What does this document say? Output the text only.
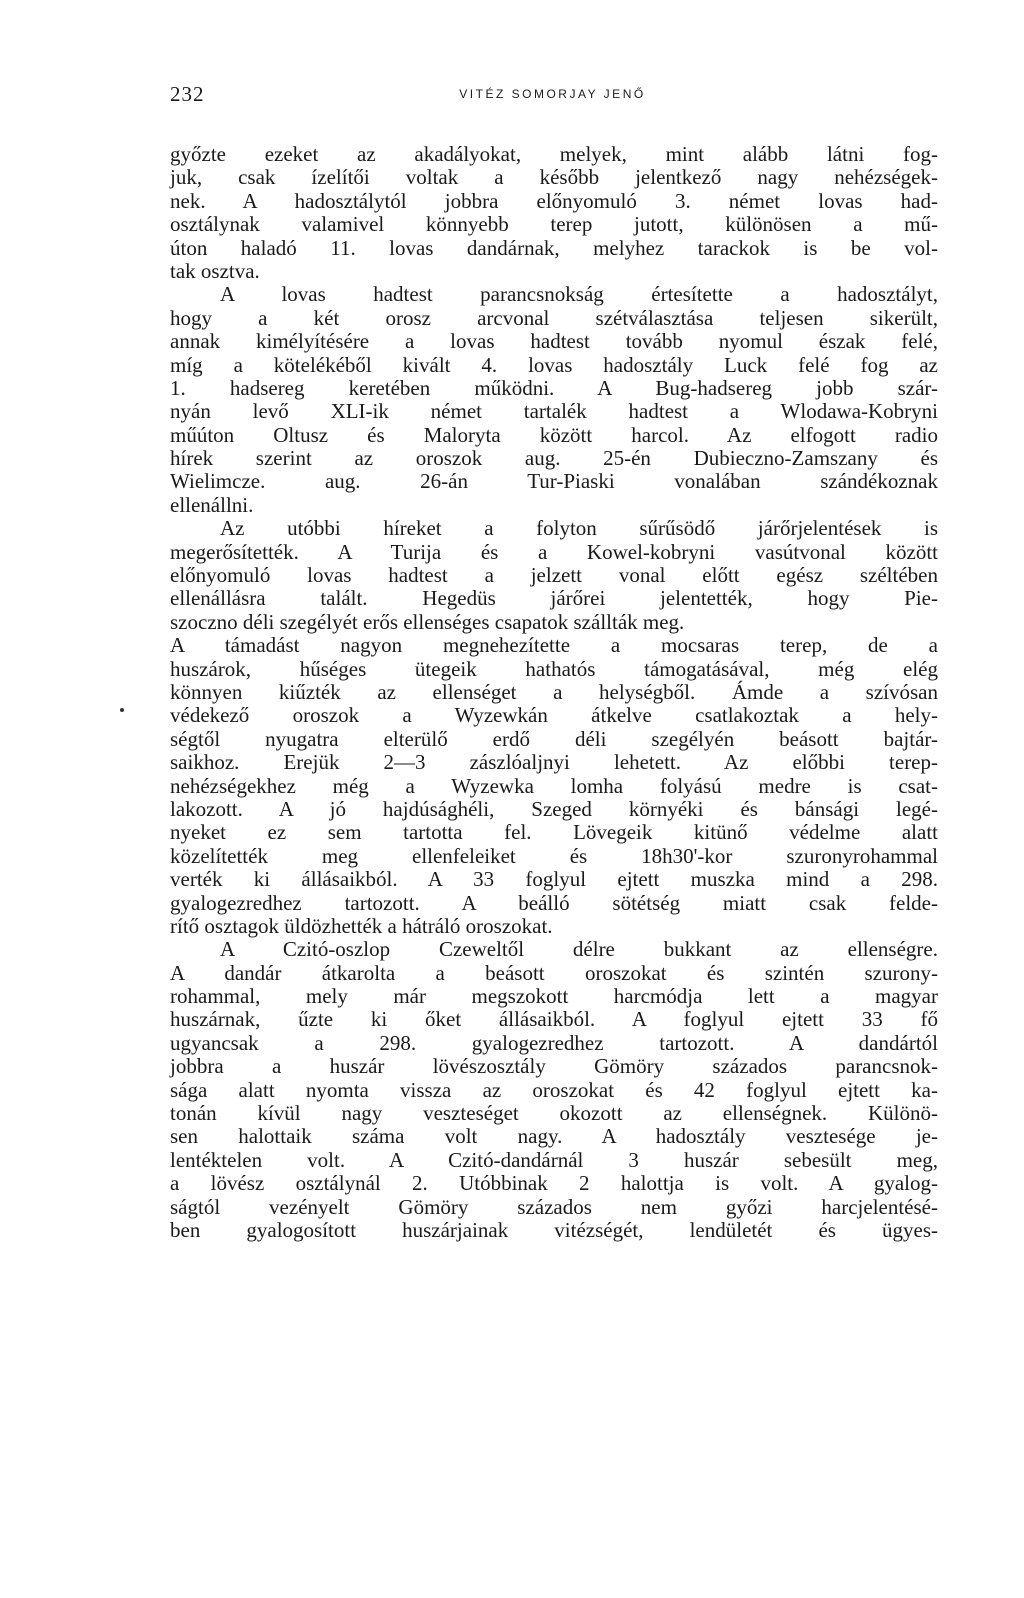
232	VITÉZ SOMORJAY JENŐ
győzte ezeket az akadályokat, melyek, mint alább látni fog-
juk, csak ízelítői voltak a később jelentkező nagy nehézségek-
nek. A hadosztálytól jobbra előnyomuló 3. német lovas had-
osztálynak valamivel könnyebb terep jutott, különösen a mű-
úton haladó 11. lovas dandárnak, melyhez tarackok is be vol-
tak osztva.
A lovas hadtest parancsnokság értesítette a hadosztályt,
hogy a két orosz arcvonal szétválasztása teljesen sikerült,
annak kimélyítésére a lovas hadtest tovább nyomul észak felé,
míg a kötelékéből kivált 4. lovas hadosztály Luck felé fog az
1. hadsereg keretében működni. A Bug-hadsereg jobb szár-
nyán levő XLI-ik német tartalék hadtest a Wlodawa-Kobryni
műúton Oltusz és Malorytа között harcol. Az elfogott radio
hírek szerint az oroszok aug. 25-én Dubieczno-Zamszany és
Wielimcze. aug. 26-án Tur-Piaski vonalában szándékoznak
ellenállni.
Az utóbbi híreket a folyton sűrűsödő járőrjelentések is
megerősítették. A Turija és a Kowel-kobryni vasútvonal között
előnyomuló lovas hadtest a jelzett vonal előtt egész széltében
ellenállásra talált. Hegedüs járőrei jelentették, hogy Pie-
szoczno déli szegélyét erős ellenséges csapatok szállták meg.
A támadást nagyon megnehezítette a mocsaras terep, de a
huszárok, hűséges ütegeik hathatós támogatásával, még elég
könnyen kiűzték az ellenséget a helységből. Ámde a szívósan
védekező oroszok a Wyzewkán átkelve csatlakoztak a hely-
ségtől nyugatra elterülő erdő déli szegélyén beásott bajtár-
saikhoz. Erejük 2—3 zászlóaljnyi lehetett. Az előbbi terep-
nehézségekhez még a Wyzewka lomha folyású medre is csat-
lakozott. A jó hajdúsághéli, Szeged környéki és bánsági legé-
nyeket ez sem tartotta fel. Lövegeik kitünő védelme alatt
közelítették meg ellenfeleiket és 18h30'-kor szuronyrohammal
verték ki állásaikból. A 33 foglyul ejtett muszka mind a 298.
gyalogezredhez tartozott. A beálló sötétség miatt csak felde-
rítő osztagok üldözhették a hátráló oroszokat.
A Czitó-oszlop Czeweltől délre bukkant az ellenségre.
A dandár átkarolta a beásott oroszokat és szintén szurony-
rohammal, mely már megszokott harcmódja lett a magyar
huszárnak, űzte ki őket állásaikból. A foglyul ejtett 33 fő
ugyancsak a 298. gyalogezredhez tartozott. A dandártól
jobbra a huszár lövészosztály Gömöry százados parancsnok-
sága alatt nyomta vissza az oroszokat és 42 foglyul ejtett ka-
tonán kívül nagy veszteséget okozott az ellenségnek. Különö-
sen halottaik száma volt nagy. A hadosztály vesztesége je-
lentéktelen volt. A Czitó-dandárnál 3 huszár sebesült meg,
a lövész osztálynál 2. Utóbbinak 2 halottja is volt. A gyalog-
ságtól vezényelt Gömöry százados nem győzi harcjelentésé-
ben gyalogosított huszárjainak vitézségét, lendületét és ügyes-
